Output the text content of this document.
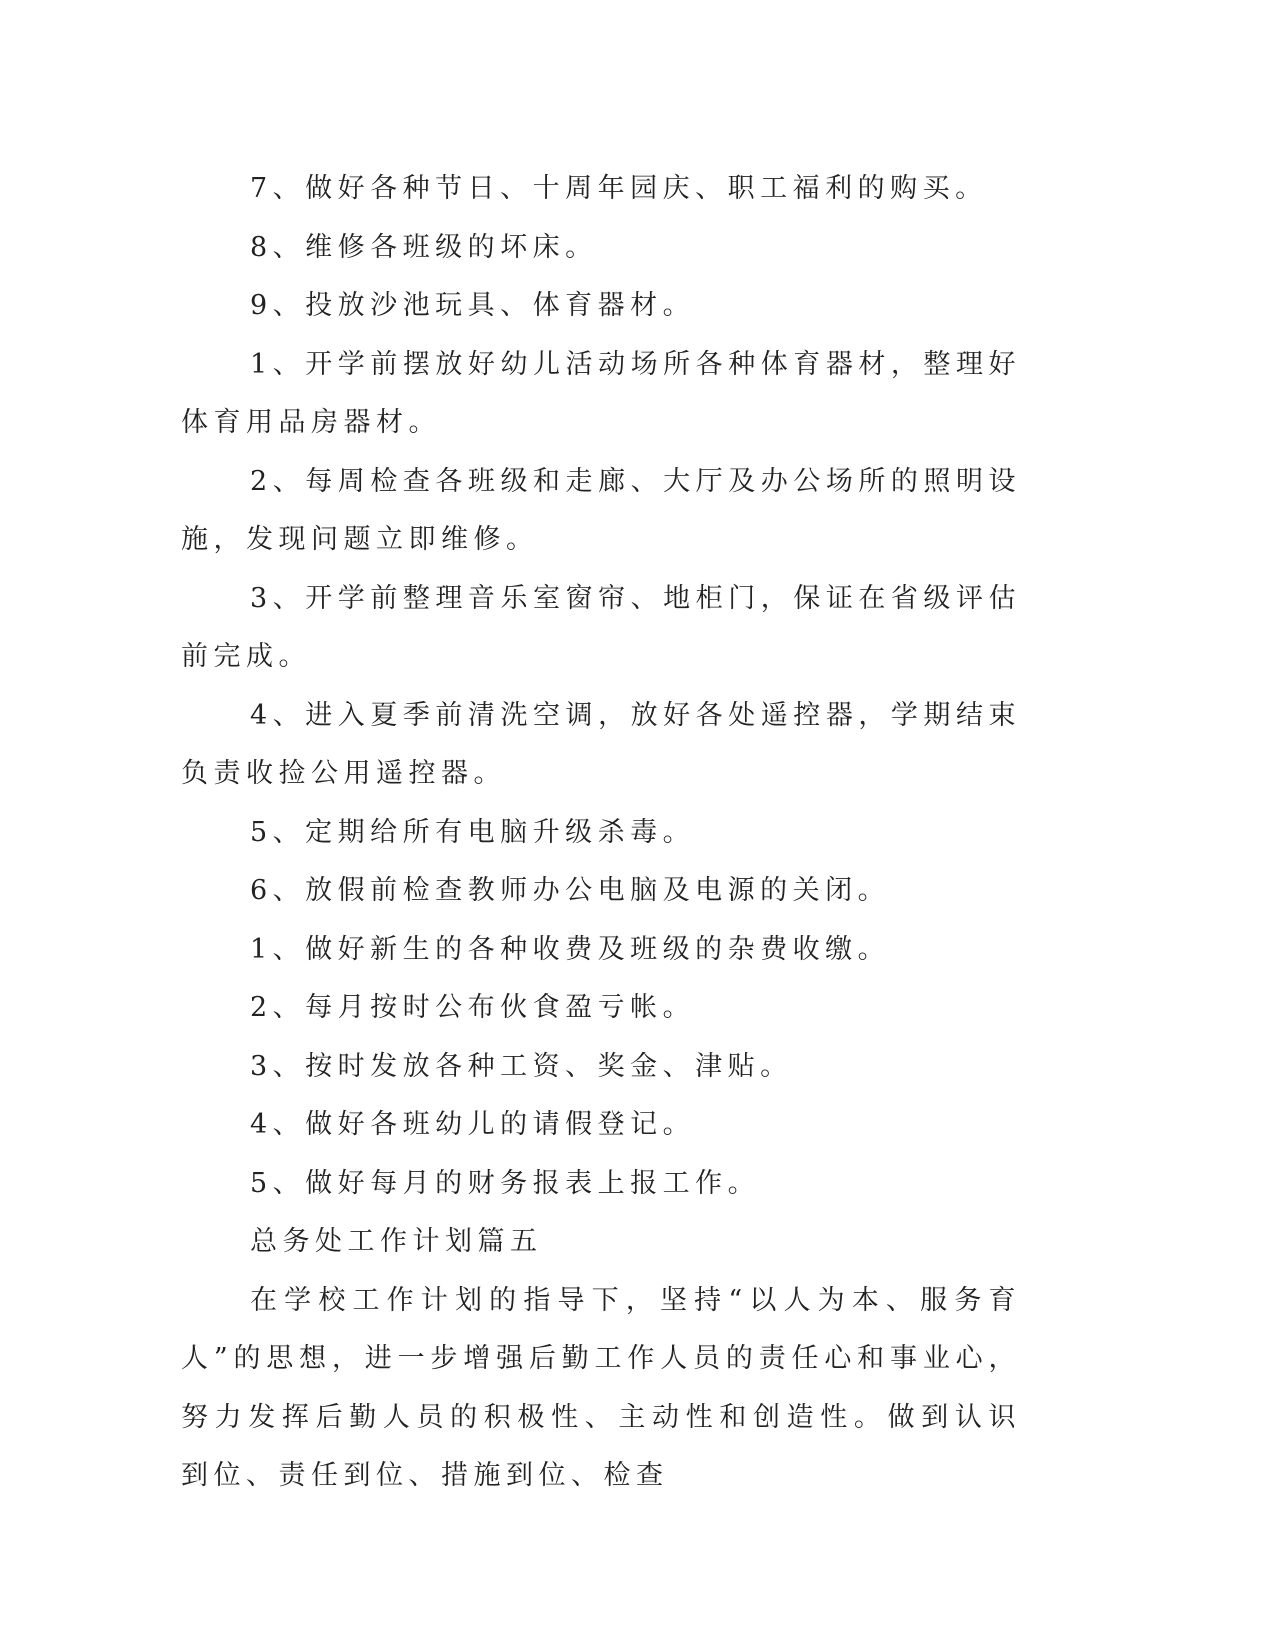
7、做好各种节日、十周年园庆、职工福利的购买。

8、维修各班级的坏床。

9、投放沙池玩具、体育器材。

1、开学前摆放好幼儿活动场所各种体育器材，整理好体育用品房器材。

2、每周检查各班级和走廊、大厅及办公场所的照明设施，发现问题立即维修。

3、开学前整理音乐室窗帘、地柜门，保证在省级评估前完成。

4、进入夏季前清洗空调，放好各处遥控器，学期结束负责收捡公用遥控器。

5、定期给所有电脑升级杀毒。

6、放假前检查教师办公电脑及电源的关闭。

1、做好新生的各种收费及班级的杂费收缴。

2、每月按时公布伙食盈亏帐。

3、按时发放各种工资、奖金、津贴。

4、做好各班幼儿的请假登记。

5、做好每月的财务报表上报工作。

总务处工作计划篇五

在学校工作计划的指导下，坚持“以人为本、服务育人”的思想，进一步增强后勤工作人员的责任心和事业心，努力发挥后勤人员的积极性、主动性和创造性。做到认识到位、责任到位、措施到位、检查
